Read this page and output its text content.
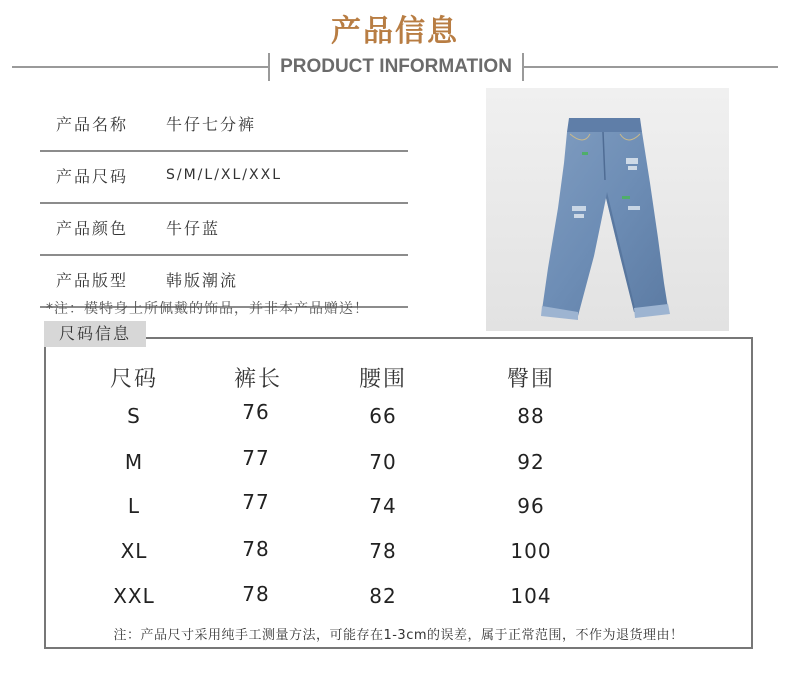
产品信息
PRODUCT INFORMATION
产品名称 牛仔七分裤
产品尺码	S/M/L/XL/XXL
产品颜色 牛仔蓝
产品版型 韩版潮流
*注：模特身上所佩戴的饰品，并非本产品赠送！
尺码信息
尺码	裤长	腰围	臀围
S	76	66	88
M	77	70	92
L	77	74	96
XL	78	78	100
XXL	78	82	104
注：产品尺寸采用纯手工测量方法，可能存在1-3cm的误差，属于正常范围，不作为退货理由！
